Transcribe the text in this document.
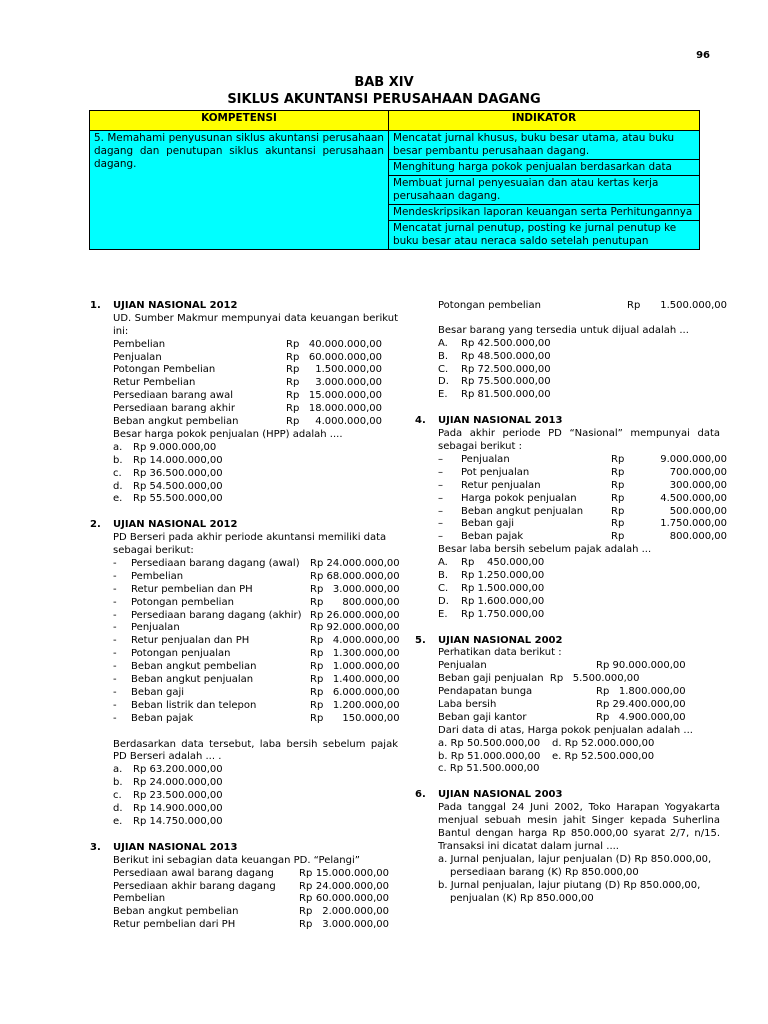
96
BAB XIV
SIKLUS AKUNTANSI PERUSAHAAN DAGANG
KOMPETENSI	INDIKATOR
5. Memahami penyusunan siklus akuntansi perusahaan dagang dan penutupan siklus akuntansi perusahaan dagang.	Mencatat jurnal khusus, buku besar utama, atau buku besar pembantu perusahaan dagang.
	Menghitung harga pokok penjualan berdasarkan data
	Membuat jurnal penyesuaian dan atau kertas kerja perusahaan dagang.
	Mendeskripsikan laporan keuangan serta Perhitungannya
	Mencatat jurnal penutup, posting ke jurnal penutup ke buku besar atau neraca saldo setelah penutupan
1. UJIAN NASIONAL 2012
UD. Sumber Makmur mempunyai data keuangan berikut ini:
Pembelian	Rp 40.000.000,00
Penjualan	Rp 60.000.000,00
Potongan Pembelian	Rp 1.500.000,00
Retur Pembelian	Rp 3.000.000,00
Persediaan barang awal	Rp 15.000.000,00
Persediaan barang akhir	Rp 18.000.000,00
Beban angkut pembelian	Rp 4.000.000,00
Besar harga pokok penjualan (HPP) adalah ....
a. Rp 9.000.000,00
b. Rp 14.000.000,00
c. Rp 36.500.000,00
d. Rp 54.500.000,00
e. Rp 55.500.000,00
2. UJIAN NASIONAL 2012
PD Berseri pada akhir periode akuntansi memiliki data sebagai berikut:
- Persediaan barang dagang (awal) Rp 24.000.000,00
- Pembelian	Rp 68.000.000,00
- Retur pembelian dan PH	Rp   3.000.000,00
- Potongan pembelian	Rp      800.000,00
- Persediaan barang dagang (akhir) Rp 26.000.000,00
- Penjualan	Rp 92.000.000,00
- Retur penjualan dan PH	Rp   4.000.000,00
- Potongan penjualan	Rp   1.300.000,00
- Beban angkut pembelian	Rp   1.000.000,00
- Beban angkut penjualan	Rp   1.400.000,00
- Beban gaji	Rp   6.000.000,00
- Beban listrik dan telepon	Rp   1.200.000,00
- Beban pajak	Rp      150.000,00
Berdasarkan data tersebut, laba bersih sebelum pajak PD Berseri adalah ... .
a. Rp 63.200.000,00
b. Rp 24.000.000,00
c. Rp 23.500.000,00
d. Rp 14.900.000,00
e. Rp 14.750.000,00
3. UJIAN NASIONAL 2013
Berikut ini sebagian data keuangan PD. “Pelangi”
Persediaan awal barang dagang	Rp 15.000.000,00
Persediaan akhir barang dagang Rp 24.000.000,00
Pembelian	Rp 60.000.000,00
Beban angkut pembelian	Rp 2.000.000,00
Retur pembelian dari PH	Rp 3.000.000,00
Potongan pembelian	Rp 1.500.000,00
Besar barang yang tersedia untuk dijual adalah ...
A. Rp 42.500.000,00
B. Rp 48.500.000,00
C. Rp 72.500.000,00
D. Rp 75.500.000,00
E. Rp 81.500.000,00
4. UJIAN NASIONAL 2013
Pada akhir periode PD “Nasional” mempunyai data sebagai berikut :
– Penjualan	Rp	9.000.000,00
– Pot penjualan	Rp	700.000,00
– Retur penjualan	Rp	300.000,00
– Harga pokok penjualan	Rp	4.500.000,00
– Beban angkut penjualan	Rp	500.000,00
– Beban gaji	Rp	1.750.000,00
– Beban pajak	Rp	800.000,00
Besar laba bersih sebelum pajak adalah ...
A. Rp    450.000,00
B. Rp 1.250.000,00
C. Rp 1.500.000,00
D. Rp 1.600.000,00
E. Rp 1.750.000,00
5. UJIAN NASIONAL 2002
Perhatikan data berikut :
Penjualan	Rp 90.000.000,00
Beban gaji penjualan  Rp   5.500.000,00
Pendapatan bunga	Rp   1.800.000,00
Laba bersih	Rp 29.400.000,00
Beban gaji kantor	Rp   4.900.000,00
Dari data di atas, Harga pokok penjualan adalah ...
a. Rp 50.500.000,00 d. Rp 52.000.000,00
b. Rp 51.000.000,00 e. Rp 52.500.000,00
c. Rp 51.500.000,00
6. UJIAN NASIONAL 2003
Pada tanggal 24 Juni 2002, Toko Harapan Yogyakarta menjual sebuah mesin jahit Singer kepada Suherlina Bantul dengan harga Rp 850.000,00 syarat 2/7, n/15. Transaksi ini dicatat dalam jurnal ....
a. Jurnal penjualan, lajur penjualan (D) Rp 850.000,00,
persediaan barang (K) Rp 850.000,00
b. Jurnal penjualan, lajur piutang (D) Rp 850.000,00,
penjualan (K) Rp 850.000,00
